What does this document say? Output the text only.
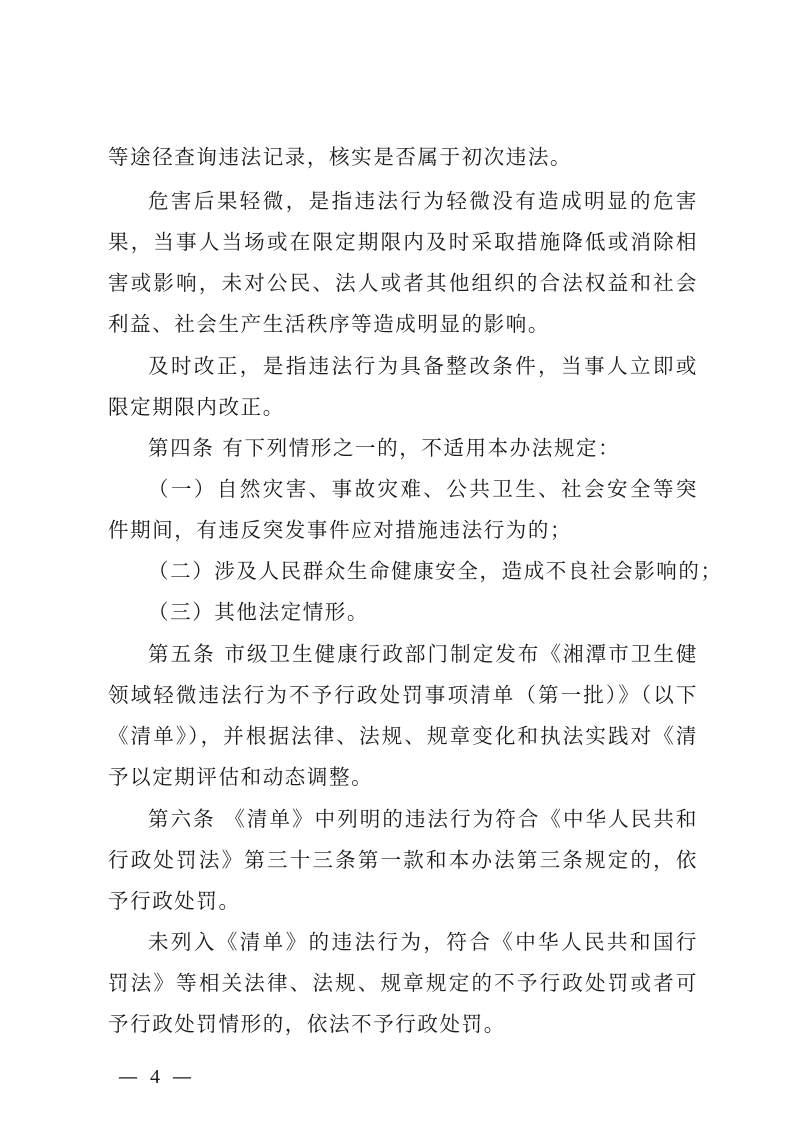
等途径查询违法记录，核实是否属于初次违法。
危害后果轻微，是指违法行为轻微没有造成明显的危害
果，当事人当场或在限定期限内及时采取措施降低或消除相
害或影响，未对公民、法人或者其他组织的合法权益和社会
利益、社会生产生活秩序等造成明显的影响。
及时改正，是指违法行为具备整改条件，当事人立即或
限定期限内改正。
第四条 有下列情形之一的，不适用本办法规定：
（一）自然灾害、事故灾难、公共卫生、社会安全等突
件期间，有违反突发事件应对措施违法行为的；
（二）涉及人民群众生命健康安全，造成不良社会影响的；
（三）其他法定情形。
第五条 市级卫生健康行政部门制定发布《湘潭市卫生健
领域轻微违法行为不予行政处罚事项清单（第一批）》（以下
《清单》），并根据法律、法规、规章变化和执法实践对《清
予以定期评估和动态调整。
第六条 《清单》中列明的违法行为符合《中华人民共和
行政处罚法》第三十三条第一款和本办法第三条规定的，依
予行政处罚。
未列入《清单》的违法行为，符合《中华人民共和国行
罚法》等相关法律、法规、规章规定的不予行政处罚或者可
予行政处罚情形的，依法不予行政处罚。
— 4 —
